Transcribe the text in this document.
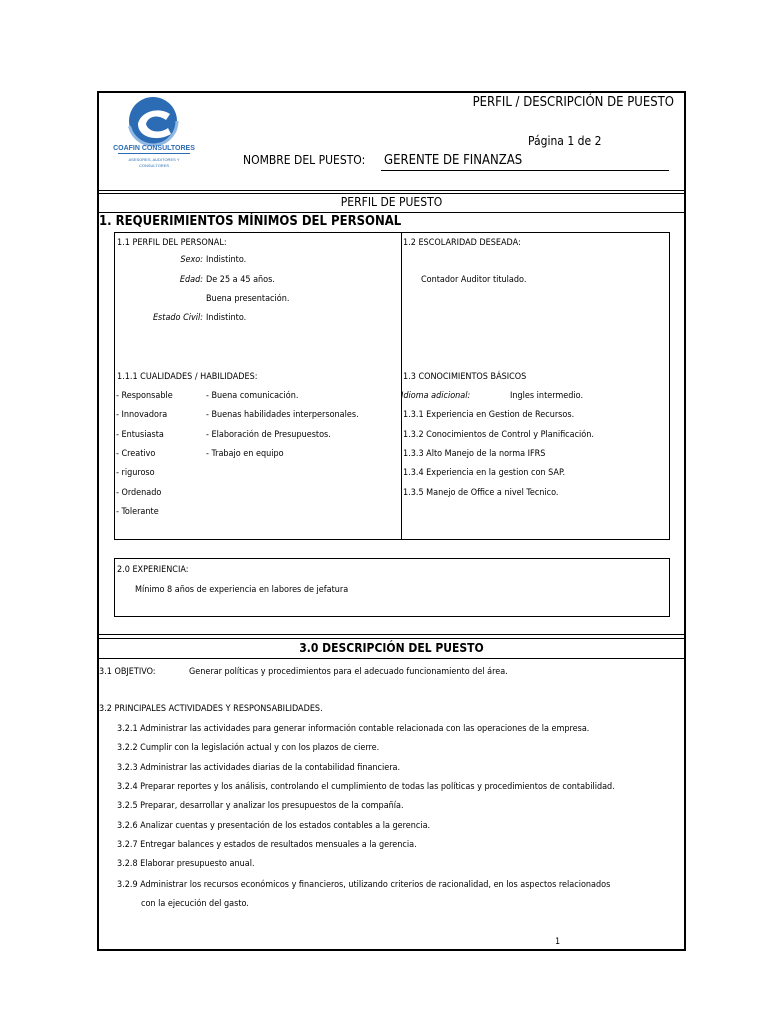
COAFIN CONSULTORES
ASESORES, AUDITORES Y
CONSULTORES
PERFIL / DESCRIPCIÓN DE PUESTO
Página 1 de 2
NOMBRE DEL PUESTO: GERENTE DE FINANZAS
PERFIL DE PUESTO
1. REQUERIMIENTOS MÍNIMOS DEL PERSONAL
1.1 PERFIL DEL PERSONAL:
Sexo: Indistinto.
Edad: De 25 a 45 años.
Buena presentación.
Estado Civil: Indistinto.
1.2 ESCOLARIDAD DESEADA:
Contador Auditor titulado.
1.1.1 CUALIDADES / HABILIDADES:
- Responsable
- Innovadora
- Entusiasta
- Creativo
- riguroso
- Ordenado
- Tolerante
- Buena comunicación.
- Buenas habilidades interpersonales.
- Elaboración de Presupuestos.
- Trabajo en equipo
1.3 CONOCIMIENTOS BÁSICOS
Idioma adicional:	Ingles intermedio.
1.3.1 Experiencia en Gestion de Recursos.
1.3.2 Conocimientos de Control y Planificación.
1.3.3 Alto Manejo de la norma IFRS
1.3.4 Experiencia en la gestion con SAP.
1.3.5 Manejo de Office a nivel Tecnico.
2.0 EXPERIENCIA:
Mínimo 8 años de experiencia en labores de jefatura
3.0 DESCRIPCIÓN DEL PUESTO
3.1 OBJETIVO:	Generar políticas y procedimientos para el adecuado funcionamiento del área.
3.2 PRINCIPALES ACTIVIDADES Y RESPONSABILIDADES.
3.2.1 Administrar las actividades para generar información contable relacionada con las operaciones de la empresa.
3.2.2 Cumplir con la legislación actual y con los plazos de cierre.
3.2.3 Administrar las actividades diarias de la contabilidad financiera.
3.2.4 Preparar reportes y los análisis, controlando el cumplimiento de todas las políticas y procedimientos de contabilidad.
3.2.5 Preparar, desarrollar y analizar los presupuestos de la compañía.
3.2.6 Analizar cuentas y presentación de los estados contables a la gerencia.
3.2.7 Entregar balances y estados de resultados mensuales a la gerencia.
3.2.8 Elaborar presupuesto anual.
3.2.9 Administrar los recursos económicos y financieros, utilizando criterios de racionalidad, en los aspectos relacionados
con la ejecución del gasto.
1
